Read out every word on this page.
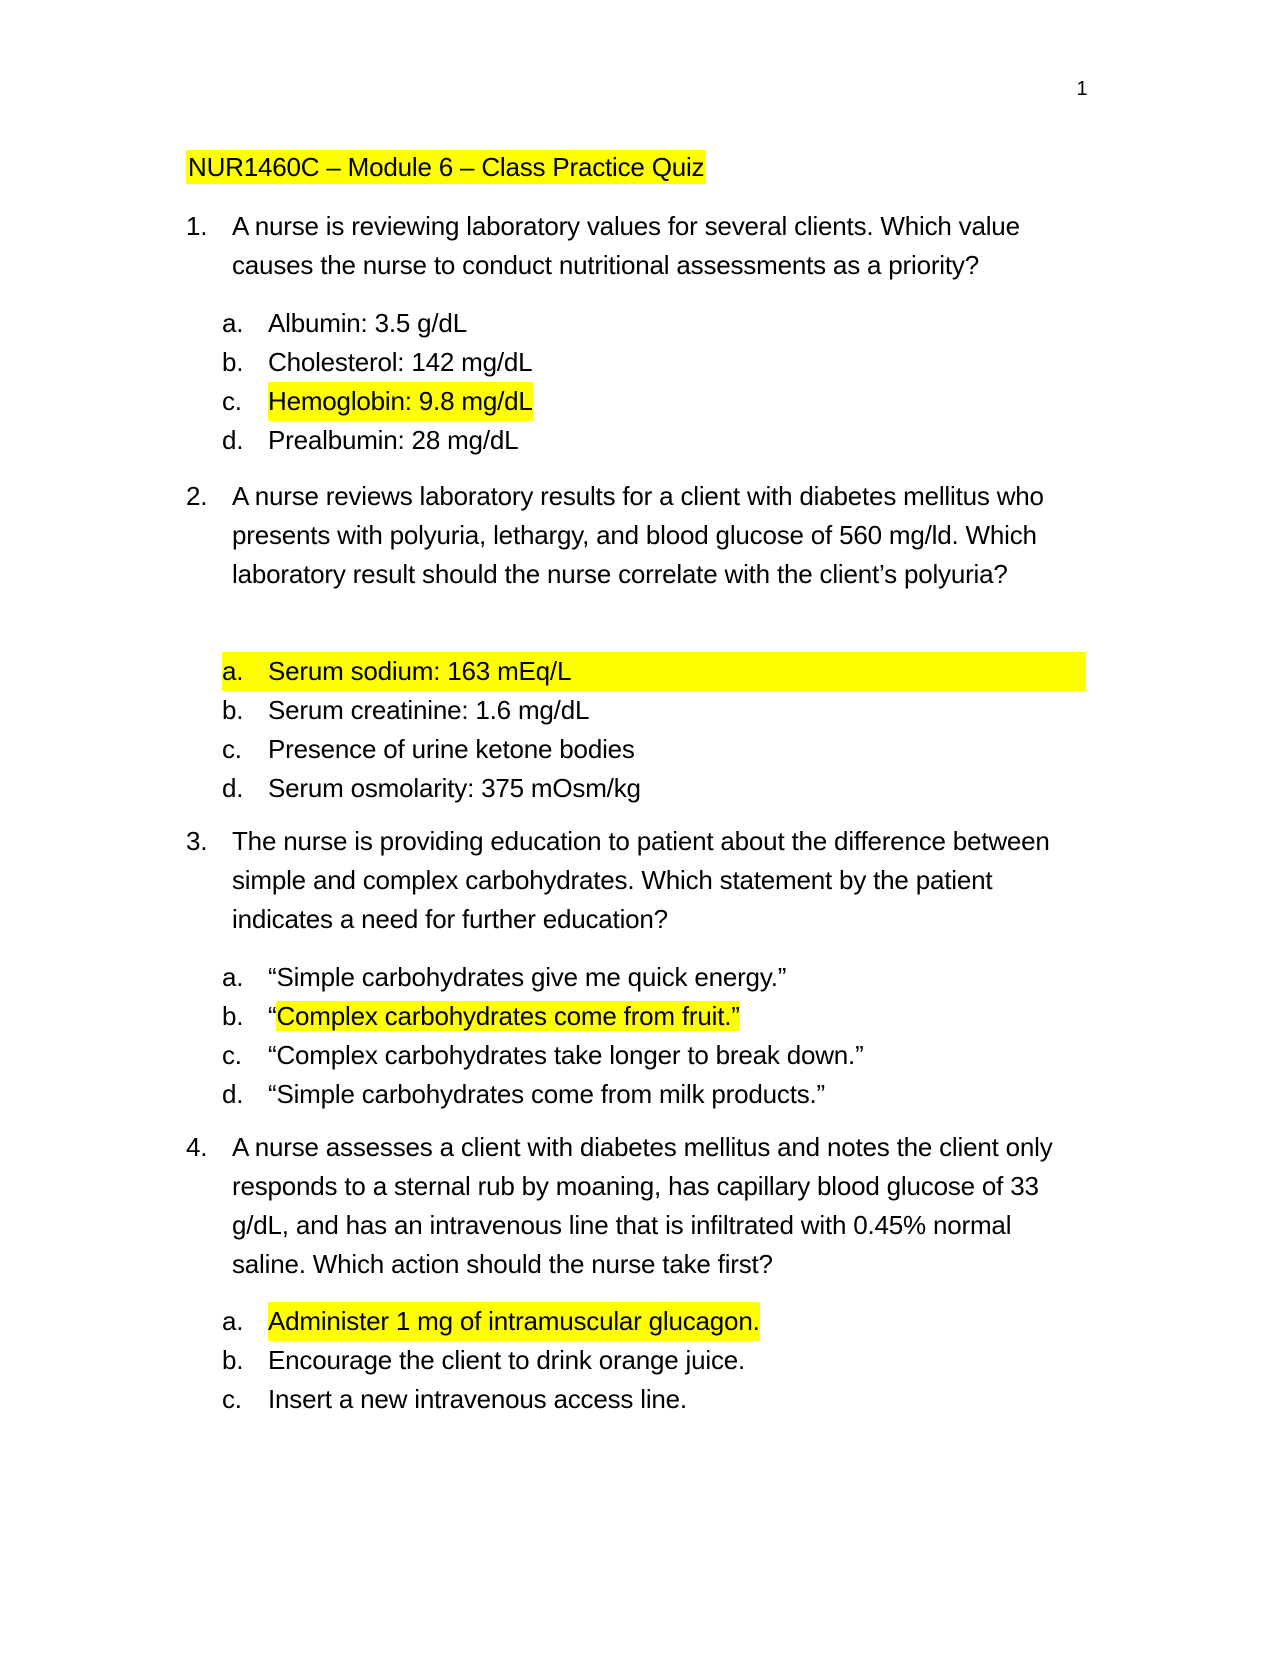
1
NUR1460C – Module 6 – Class Practice Quiz
1. A nurse is reviewing laboratory values for several clients. Which value causes the nurse to conduct nutritional assessments as a priority?
a. Albumin: 3.5 g/dL
b. Cholesterol: 142 mg/dL
c.	Hemoglobin: 9.8 mg/dL
d. Prealbumin: 28 mg/dL
2. A nurse reviews laboratory results for a client with diabetes mellitus who presents with polyuria, lethargy, and blood glucose of 560 mg/ld. Which laboratory result should the nurse correlate with the client’s polyuria?
a. Serum sodium: 163 mEq/L
b. Serum creatinine: 1.6 mg/dL
c.	Presence of urine ketone bodies
d. Serum osmolarity: 375 mOsm/kg
3. The nurse is providing education to patient about the difference between simple and complex carbohydrates. Which statement by the patient indicates a need for further education?
a. “Simple carbohydrates give me quick energy.”
b. “Complex carbohydrates come from fruit.”
c.	“Complex carbohydrates take longer to break down.”
d. “Simple carbohydrates come from milk products.”
4. A nurse assesses a client with diabetes mellitus and notes the client only responds to a sternal rub by moaning, has capillary blood glucose of 33 g/dL, and has an intravenous line that is infiltrated with 0.45% normal saline. Which action should the nurse take first?
a. Administer 1 mg of intramuscular glucagon.
b. Encourage the client to drink orange juice.
c.	Insert a new intravenous access line.
